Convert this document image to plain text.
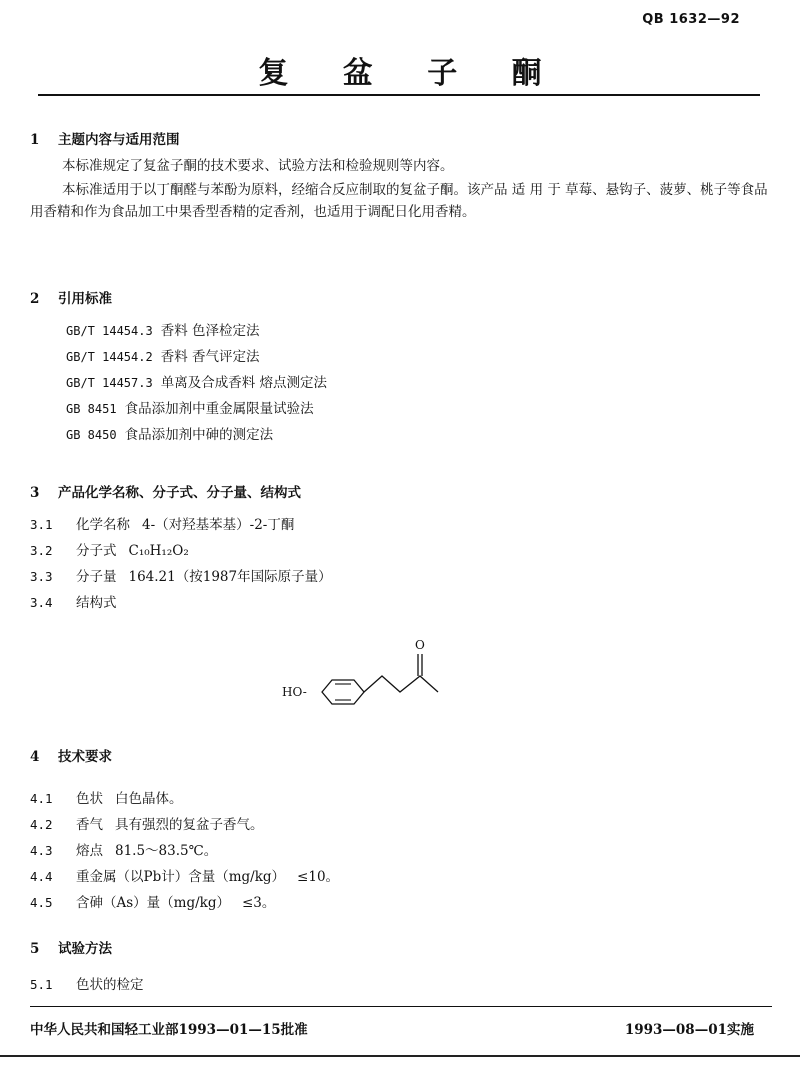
QB 1632—92
复 盆 子 酮
1 主题内容与适用范围
本标准规定了复盆子酮的技术要求、试验方法和检验规则等内容。
本标准适用于以丁酮醛与苯酚为原料，经缩合反应制取的复盆子酮。该产品 适 用 于 草莓、悬钩子、菠萝、桃子等食品用香精和作为食品加工中果香型香精的定香剂，也适用于调配日化用香精。
2 引用标准
GB/T 14454.3 香料 色泽检定法
GB/T 14454.2 香料 香气评定法
GB/T 14457.3 单离及合成香料 熔点测定法
GB 8451 食品添加剂中重金属限量试验法
GB 8450 食品添加剂中砷的测定法
3 产品化学名称、分子式、分子量、结构式
3.1 化学名称 4-（对羟基苯基）-2-丁酮
3.2 分子式 C₁₀H₁₂O₂
3.3 分子量 164.21（按1987年国际原子量）
3.4 结构式
HO-
O
4 技术要求
4.1 色状 白色晶体。
4.2 香气 具有强烈的复盆子香气。
4.3 熔点 81.5～83.5℃。
4.4 重金属（以Pb计）含量（mg/kg） ≤10。
4.5 含砷（As）量（mg/kg） ≤3。
5 试验方法
5.1 色状的检定
中华人民共和国轻工业部1993—01—15批准	1993—08—01实施
